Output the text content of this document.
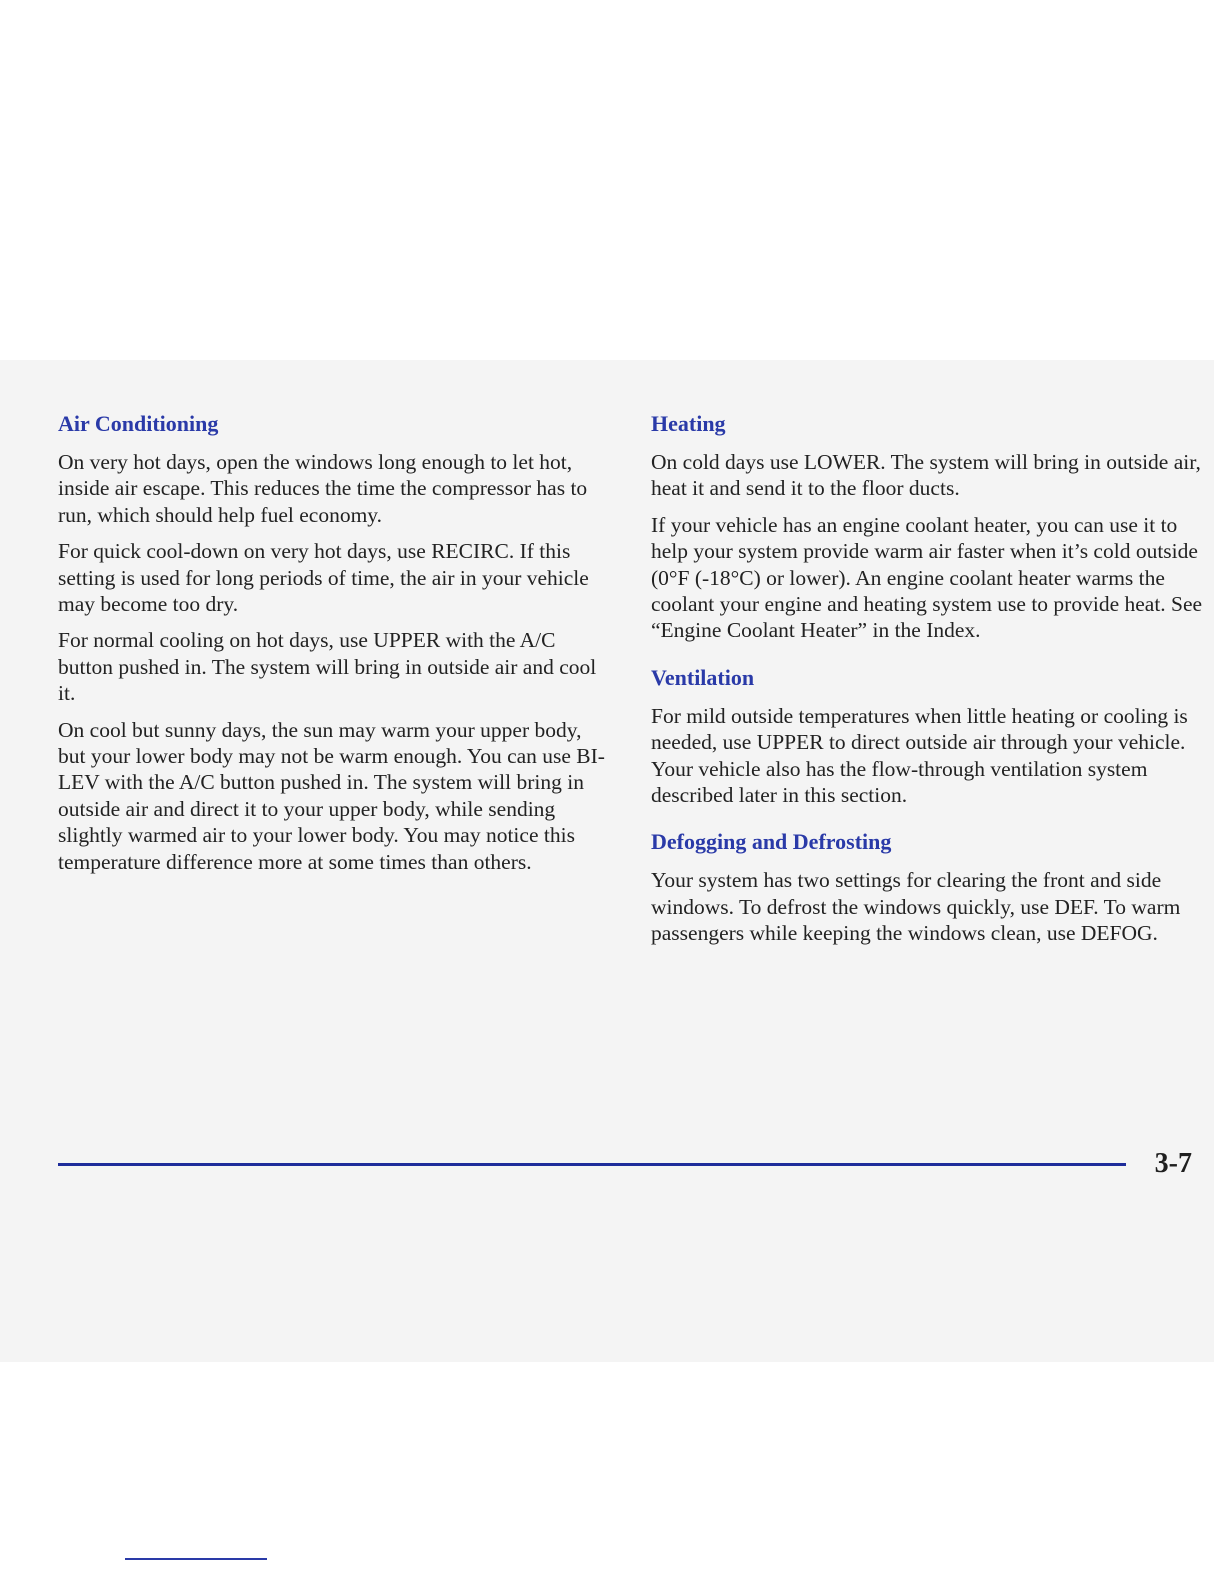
Air Conditioning

On very hot days, open the windows long enough to let hot, inside air escape. This reduces the time the compressor has to run, which should help fuel economy.

For quick cool-down on very hot days, use RECIRC. If this setting is used for long periods of time, the air in your vehicle may become too dry.

For normal cooling on hot days, use UPPER with the A/C button pushed in. The system will bring in outside air and cool it.

On cool but sunny days, the sun may warm your upper body, but your lower body may not be warm enough. You can use BI-LEV with the A/C button pushed in. The system will bring in outside air and direct it to your upper body, while sending slightly warmed air to your lower body. You may notice this temperature difference more at some times than others.

Heating

On cold days use LOWER. The system will bring in outside air, heat it and send it to the floor ducts.

If your vehicle has an engine coolant heater, you can use it to help your system provide warm air faster when it’s cold outside (0°F (-18°C) or lower). An engine coolant heater warms the coolant your engine and heating system use to provide heat. See “Engine Coolant Heater” in the Index.

Ventilation

For mild outside temperatures when little heating or cooling is needed, use UPPER to direct outside air through your vehicle. Your vehicle also has the flow-through ventilation system described later in this section.

Defogging and Defrosting

Your system has two settings for clearing the front and side windows. To defrost the windows quickly, use DEF. To warm passengers while keeping the windows clean, use DEFOG.

3-7
